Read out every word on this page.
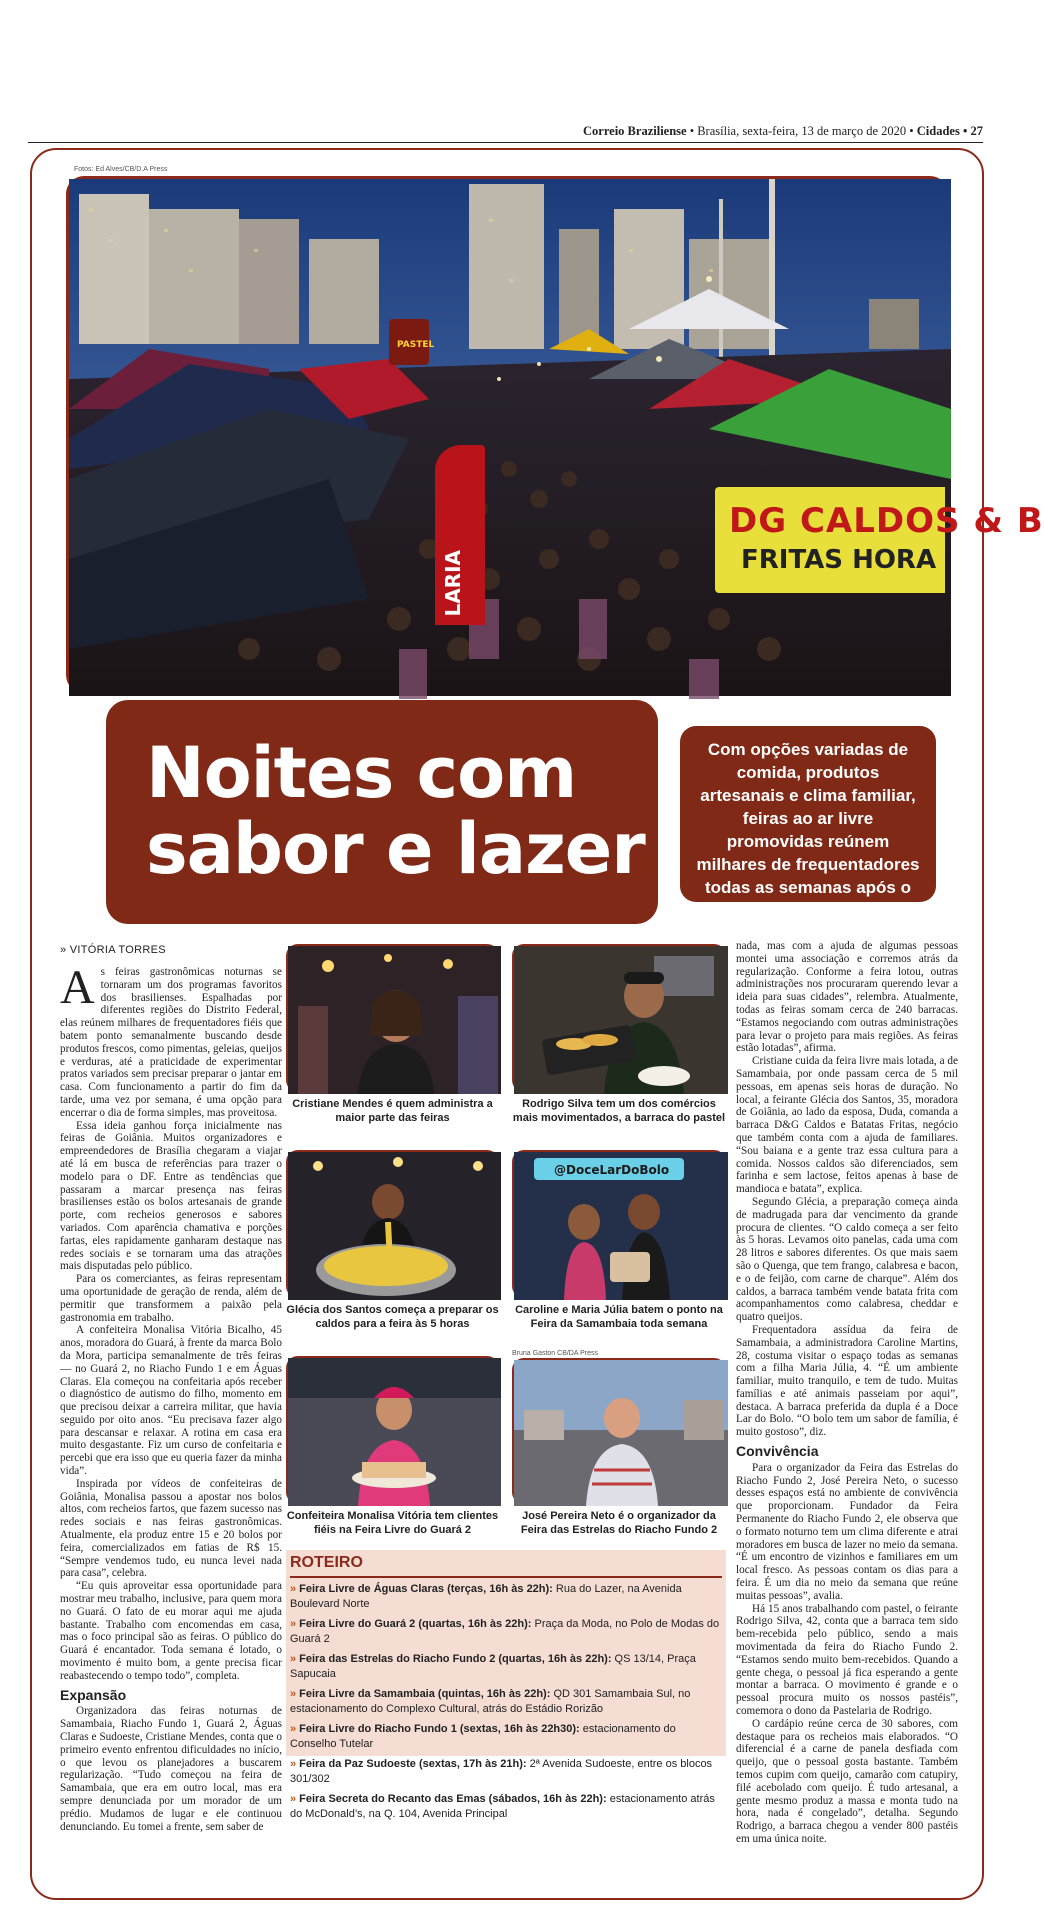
Correio Braziliense • Brasília, sexta-feira, 13 de março de 2020 • Cidades • 27
Fotos: Ed Alves/CB/D.A Press
PASTEL
LARIA
DG CALDOS & B
FRITAS HORA
Noites com
sabor e lazer

Com opções variadas de comida, produtos artesanais e clima familiar, feiras ao ar livre promovidas reúnem milhares de frequentadores todas as semanas após o pôr do sol

» VITÓRIA TORRES

As feiras gastronômicas noturnas se tornaram um dos programas favoritos dos brasilienses. Espalhadas por diferentes regiões do Distrito Federal, elas reúnem milhares de frequentadores fiéis que batem ponto semanalmente buscando desde produtos frescos, como pimentas, geleias, queijos e verduras, até a praticidade de experimentar pratos variados sem precisar preparar o jantar em casa. Com funcionamento a partir do fim da tarde, uma vez por semana, é uma opção para encerrar o dia de forma simples, mas proveitosa.

Essa ideia ganhou força inicialmente nas feiras de Goiânia. Muitos organizadores e empreendedores de Brasília chegaram a viajar até lá em busca de referências para trazer o modelo para o DF. Entre as tendências que passaram a marcar presença nas feiras brasilienses estão os bolos artesanais de grande porte, com recheios generosos e sabores variados. Com aparência chamativa e porções fartas, eles rapidamente ganharam destaque nas redes sociais e se tornaram uma das atrações mais disputadas pelo público.

Para os comerciantes, as feiras representam uma oportunidade de geração de renda, além de permitir que transformem a paixão pela gastronomia em trabalho.

A confeiteira Monalisa Vitória Bicalho, 45 anos, moradora do Guará, à frente da marca Bolo da Mora, participa semanalmente de três feiras — no Guará 2, no Riacho Fundo 1 e em Águas Claras. Ela começou na confeitaria após receber o diagnóstico de autismo do filho, momento em que precisou deixar a carreira militar, que havia seguido por oito anos. “Eu precisava fazer algo para descansar e relaxar. A rotina em casa era muito desgastante. Fiz um curso de confeitaria e percebi que era isso que eu queria fazer da minha vida”.

Inspirada por vídeos de confeiteiras de Goiânia, Monalisa passou a apostar nos bolos altos, com recheios fartos, que fazem sucesso nas redes sociais e nas feiras gastronômicas. Atualmente, ela produz entre 15 e 20 bolos por feira, comercializados em fatias de R$ 15. “Sempre vendemos tudo, eu nunca levei nada para casa”, celebra.

“Eu quis aproveitar essa oportunidade para mostrar meu trabalho, inclusive, para quem mora no Guará. O fato de eu morar aqui me ajuda bastante. Trabalho com encomendas em casa, mas o foco principal são as feiras. O público do Guará é encantador. Toda semana é lotado, o movimento é muito bom, a gente precisa ficar reabastecendo o tempo todo”, completa.

Expansão

Organizadora das feiras noturnas de Samambaia, Riacho Fundo 1, Guará 2, Águas Claras e Sudoeste, Cristiane Mendes, conta que o primeiro evento enfrentou dificuldades no início, o que levou os planejadores a buscarem regularização. “Tudo começou na feira de Samambaia, que era em outro local, mas era sempre denunciada por um morador de um prédio. Mudamos de lugar e ele continuou denunciando. Eu tomei a frente, sem saber de

Cristiane Mendes é quem administra a maior parte das feiras
Rodrigo Silva tem um dos comércios mais movimentados, a barraca do pastel
Glécia dos Santos começa a preparar os caldos para a feira às 5 horas
@DoceLarDoBolo
Caroline e Maria Júlia batem o ponto na Feira da Samambaia toda semana
Confeiteira Monalisa Vitória tem clientes fiéis na Feira Livre do Guará 2
Bruna Gaston CB/DA Press
José Pereira Neto é o organizador da Feira das Estrelas do Riacho Fundo 2
ROTEIRO
» Feira Livre de Águas Claras (terças, 16h às 22h): Rua do Lazer, na Avenida Boulevard Norte
» Feira Livre do Guará 2 (quartas, 16h às 22h): Praça da Moda, no Polo de Modas do Guará 2
» Feira das Estrelas do Riacho Fundo 2 (quartas, 16h às 22h): QS 13/14, Praça Sapucaia
» Feira Livre da Samambaia (quintas, 16h às 22h): QD 301 Samambaia Sul, no estacionamento do Complexo Cultural, atrás do Estádio Rorizão
» Feira Livre do Riacho Fundo 1 (sextas, 16h às 22h30): estacionamento do Conselho Tutelar
» Feira da Paz Sudoeste (sextas, 17h às 21h): 2ª Avenida Sudoeste, entre os blocos 301/302
» Feira Secreta do Recanto das Emas (sábados, 16h às 22h): estacionamento atrás do McDonald’s, na Q. 104, Avenida Principal

nada, mas com a ajuda de algumas pessoas montei uma associação e corremos atrás da regularização. Conforme a feira lotou, outras administrações nos procuraram querendo levar a ideia para suas cidades”, relembra. Atualmente, todas as feiras somam cerca de 240 barracas. “Estamos negociando com outras administrações para levar o projeto para mais regiões. As feiras estão lotadas”, afirma.

Cristiane cuida da feira livre mais lotada, a de Samambaia, por onde passam cerca de 5 mil pessoas, em apenas seis horas de duração. No local, a feirante Glécia dos Santos, 35, moradora de Goiânia, ao lado da esposa, Duda, comanda a barraca D&G Caldos e Batatas Fritas, negócio que também conta com a ajuda de familiares. “Sou baiana e a gente traz essa cultura para a comida. Nossos caldos são diferenciados, sem farinha e sem lactose, feitos apenas à base de mandioca e batata”, explica.

Segundo Glécia, a preparação começa ainda de madrugada para dar vencimento da grande procura de clientes. “O caldo começa a ser feito às 5 horas. Levamos oito panelas, cada uma com 28 litros e sabores diferentes. Os que mais saem são o Quenga, que tem frango, calabresa e bacon, e o de feijão, com carne de charque”. Além dos caldos, a barraca também vende batata frita com acompanhamentos como calabresa, cheddar e quatro queijos.

Frequentadora assídua da feira de Samambaia, a administradora Caroline Martins, 28, costuma visitar o espaço todas as semanas com a filha Maria Júlia, 4. “É um ambiente familiar, muito tranquilo, e tem de tudo. Muitas famílias e até animais passeiam por aqui”, destaca. A barraca preferida da dupla é a Doce Lar do Bolo. “O bolo tem um sabor de família, é muito gostoso”, diz.

Convivência

Para o organizador da Feira das Estrelas do Riacho Fundo 2, José Pereira Neto, o sucesso desses espaços está no ambiente de convivência que proporcionam. Fundador da Feira Permanente do Riacho Fundo 2, ele observa que o formato noturno tem um clima diferente e atrai moradores em busca de lazer no meio da semana. “É um encontro de vizinhos e familiares em um local fresco. As pessoas contam os dias para a feira. É um dia no meio da semana que reúne muitas pessoas”, avalia.

Há 15 anos trabalhando com pastel, o feirante Rodrigo Silva, 42, conta que a barraca tem sido bem-recebida pelo público, sendo a mais movimentada da feira do Riacho Fundo 2. “Estamos sendo muito bem-recebidos. Quando a gente chega, o pessoal já fica esperando a gente montar a barraca. O movimento é grande e o pessoal procura muito os nossos pastéis”, comemora o dono da Pastelaria de Rodrigo.

O cardápio reúne cerca de 30 sabores, com destaque para os recheios mais elaborados. “O diferencial é a carne de panela desfiada com queijo, que o pessoal gosta bastante. Também temos cupim com queijo, camarão com catupiry, filé acebolado com queijo. É tudo artesanal, a gente mesmo produz a massa e monta tudo na hora, nada é congelado”, detalha. Segundo Rodrigo, a barraca chegou a vender 800 pastéis em uma única noite.
